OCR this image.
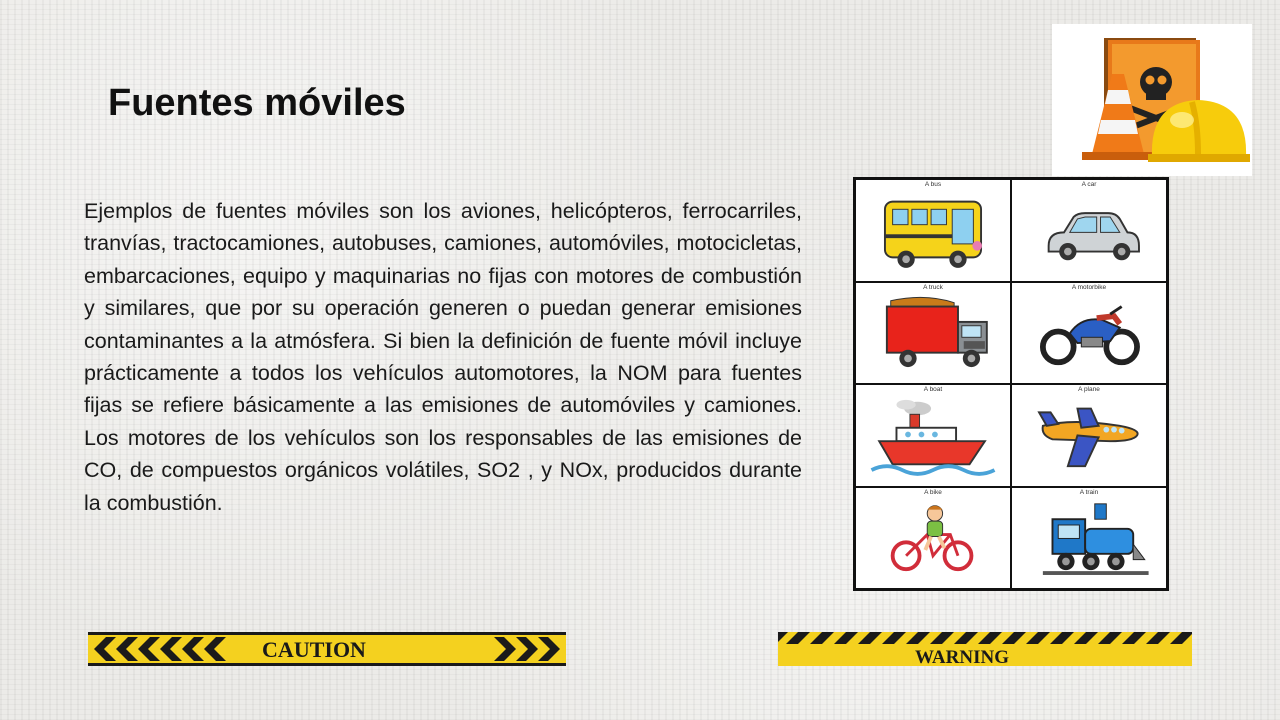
Fuentes móviles

Ejemplos de fuentes móviles son los aviones, helicópteros, ferrocarriles, tranvías, tractocamiones, autobuses, camiones, automóviles, motocicletas, embarcaciones, equipo y maquinarias no fijas con motores de combustión y similares, que por su operación generen o puedan generar emisiones contaminantes a la atmósfera. Si bien la definición de fuente móvil incluye prácticamente a todos los vehículos automotores, la NOM para fuentes fijas se refiere básicamente a las emisiones de automóviles y camiones. Los motores de los vehículos son los responsables de las emisiones de CO, de compuestos orgánicos volátiles, SO2 , y NOx, producidos durante la combustión.

A bus	A car
A truck	A motorbike
A boat	A plane
A bike	A train
CAUTION	WARNING
